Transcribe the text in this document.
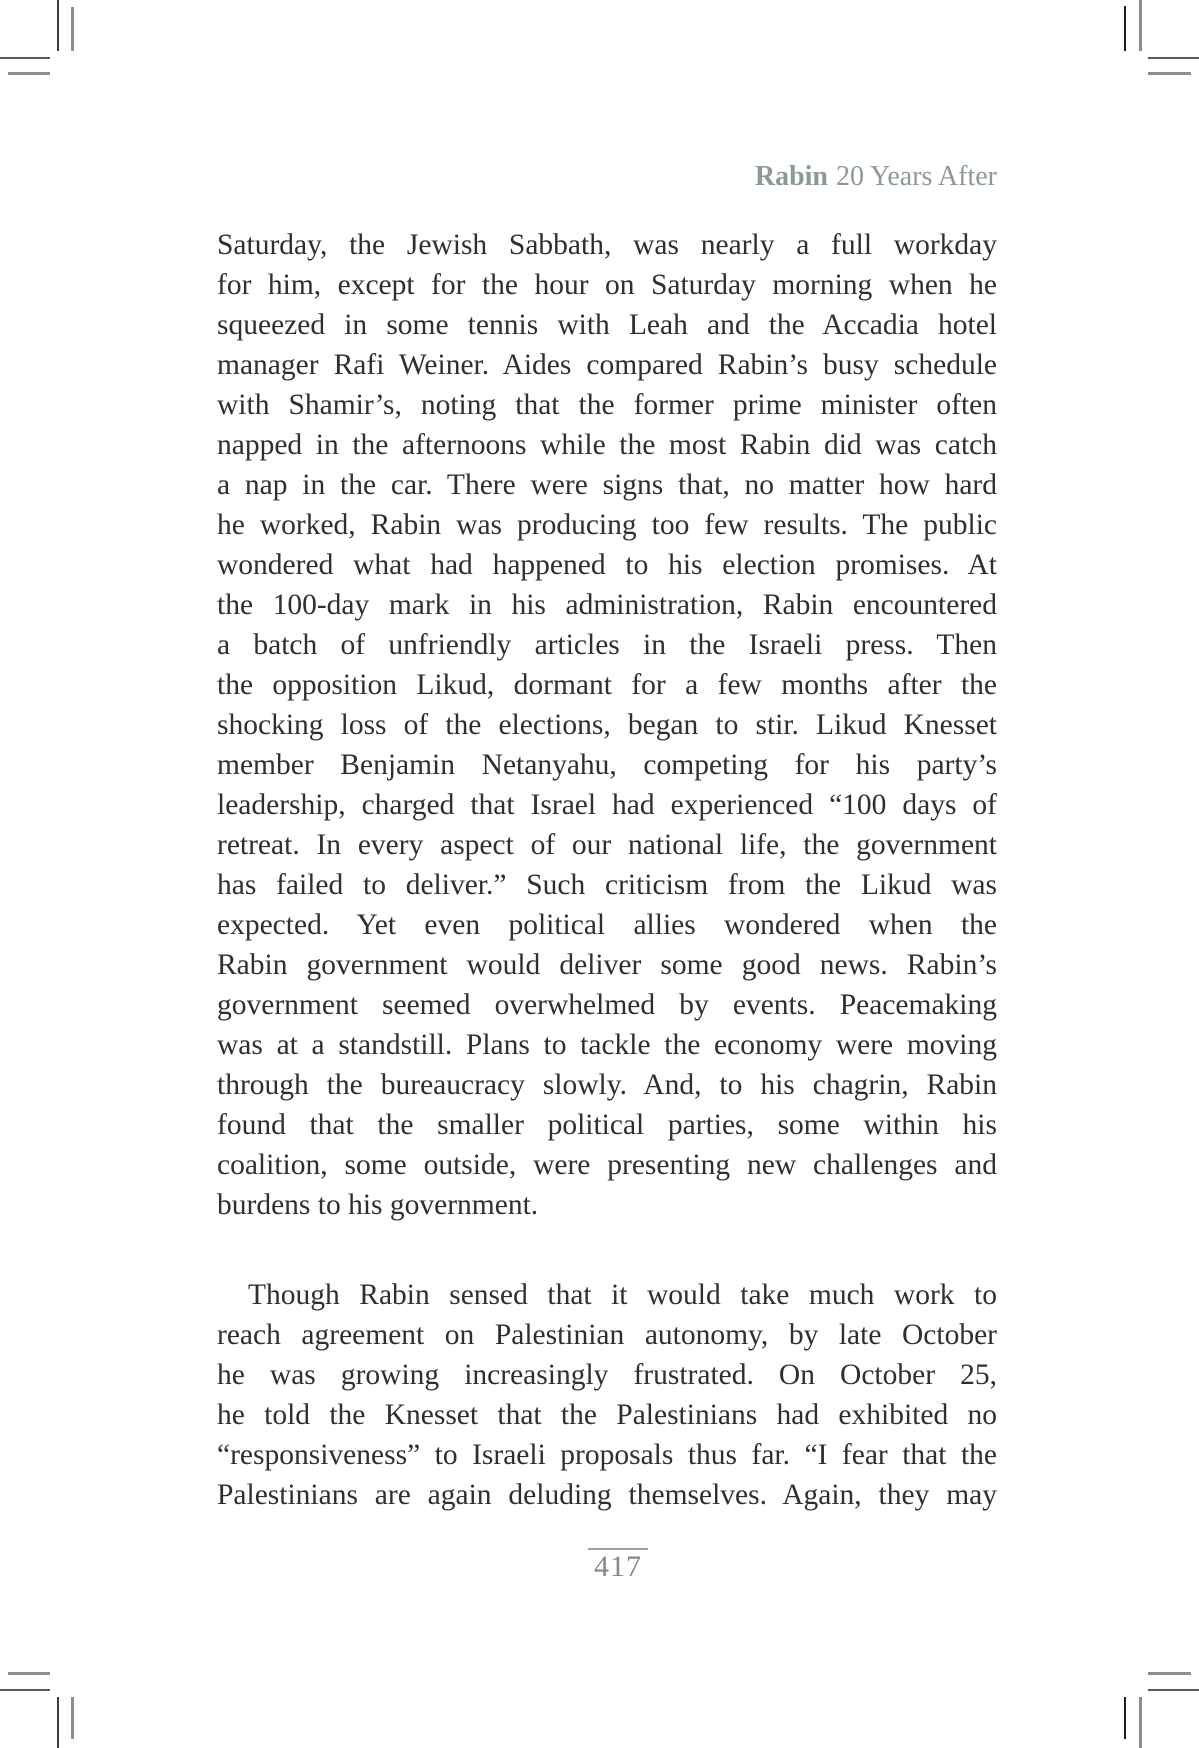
Rabin 20 Years After
Saturday, the Jewish Sabbath, was nearly a full workday
for him, except for the hour on Saturday morning when he
squeezed in some tennis with Leah and the Accadia hotel
manager Rafi Weiner. Aides compared Rabin’s busy schedule
with Shamir’s, noting that the former prime minister often
napped in the afternoons while the most Rabin did was catch
a nap in the car. There were signs that, no matter how hard
he worked, Rabin was producing too few results. The public
wondered what had happened to his election promises. At
the 100-day mark in his administration, Rabin encountered
a batch of unfriendly articles in the Israeli press. Then
the opposition Likud, dormant for a few months after the
shocking loss of the elections, began to stir. Likud Knesset
member Benjamin Netanyahu, competing for his party’s
leadership, charged that Israel had experienced “100 days of
retreat. In every aspect of our national life, the government
has failed to deliver.” Such criticism from the Likud was
expected. Yet even political allies wondered when the
Rabin government would deliver some good news. Rabin’s
government seemed overwhelmed by events. Peacemaking
was at a standstill. Plans to tackle the economy were moving
through the bureaucracy slowly. And, to his chagrin, Rabin
found that the smaller political parties, some within his
coalition, some outside, were presenting new challenges and
burdens to his government.
Though Rabin sensed that it would take much work to
reach agreement on Palestinian autonomy, by late October
he was growing increasingly frustrated. On October 25,
he told the Knesset that the Palestinians had exhibited no
“responsiveness” to Israeli proposals thus far. “I fear that the
Palestinians are again deluding themselves. Again, they may
417
